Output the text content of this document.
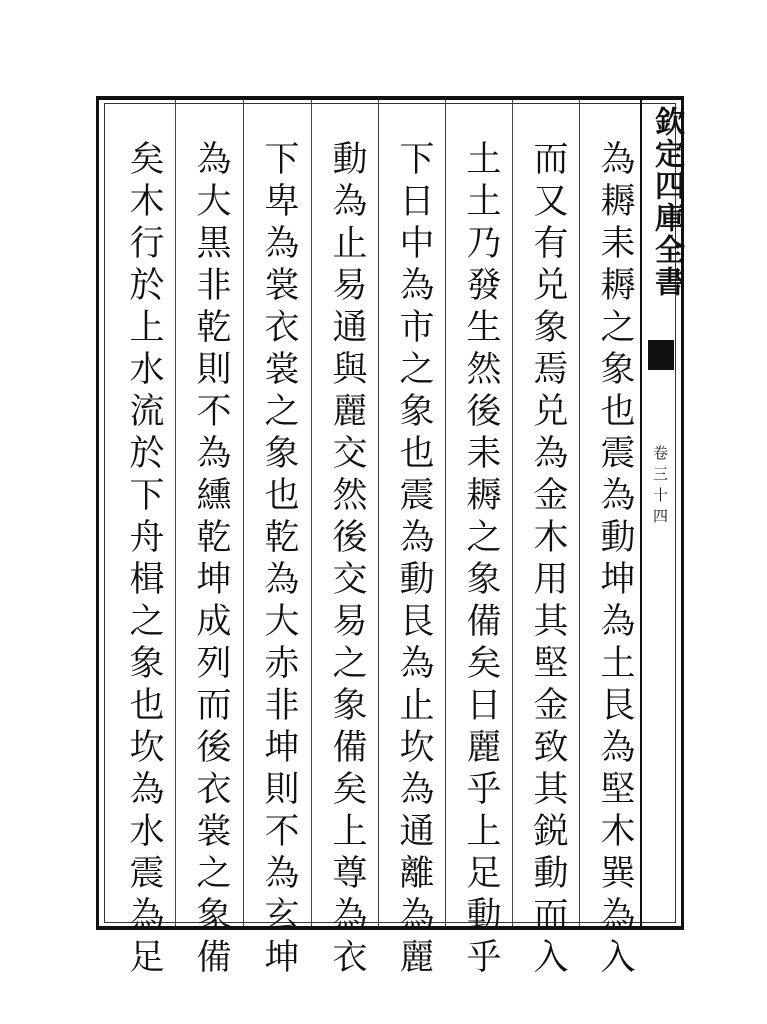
欽定四庫全書
卷三十四
為耨耒耨之象也震為動坤為土艮為堅木巽為入
而又有兑象焉兑為金木用其堅金致其鋭動而入
土土乃發生然後耒耨之象備矣日麗乎上足動乎
下日中為市之象也震為動艮為止坎為通離為麗
動為止易通與麗交然後交易之象備矣上尊為衣
下卑為裳衣裳之象也乾為大赤非坤則不為玄坤
為大黒非乾則不為纁乾坤成列而後衣裳之象備
矣木行於上水流於下舟楫之象也坎為水震為足
